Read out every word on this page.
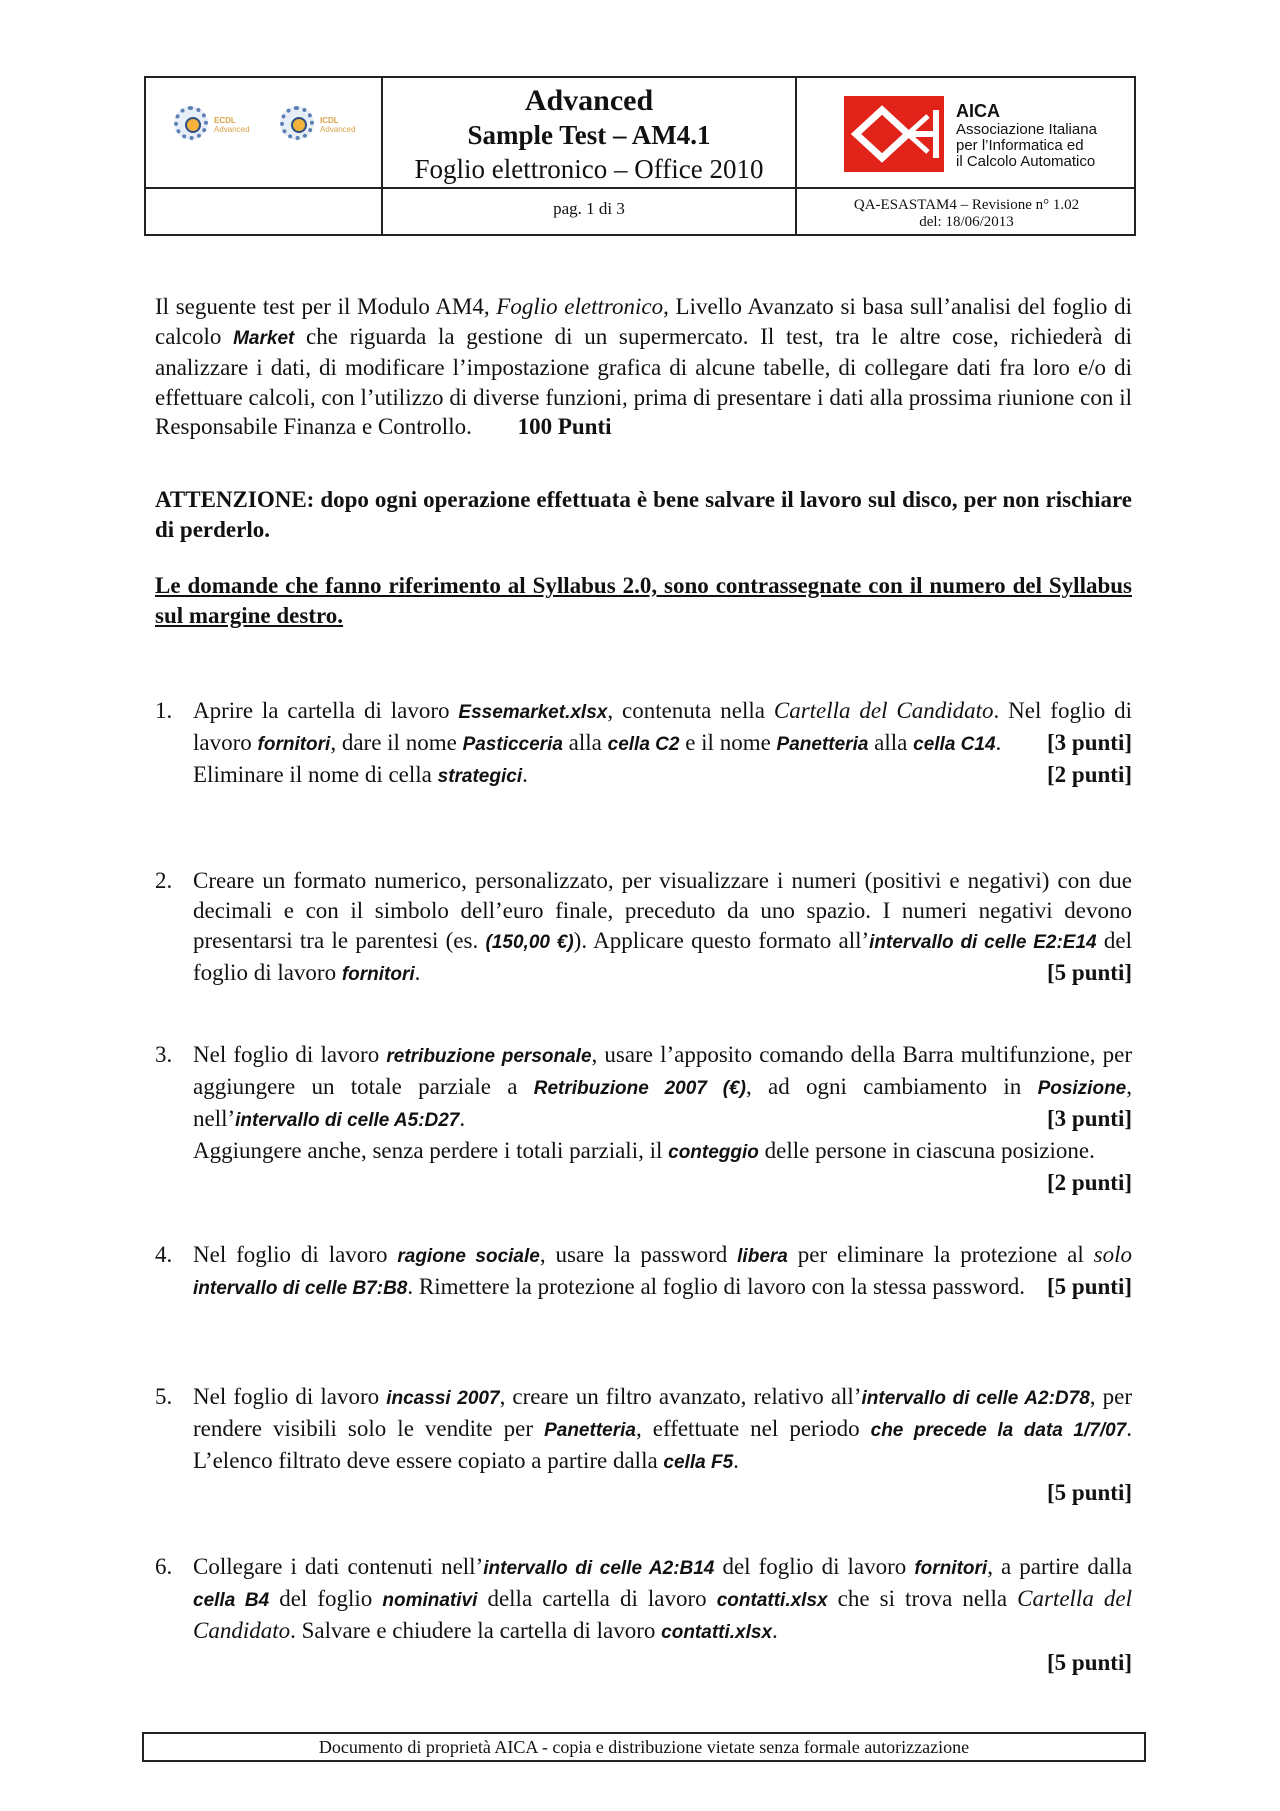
ECDL
Advanced
ICDL
Advanced
Advanced
Sample Test – AM4.1
Foglio elettronico – Office 2010
AICA
Associazione Italiana
per l’Informatica ed
il Calcolo Automatico
pag. 1 di 3	QA-ESASTAM4 – Revisione n° 1.02
del: 18/06/2013
Il seguente test per il Modulo AM4, Foglio elettronico, Livello Avanzato si basa sull’analisi del foglio di calcolo Market che riguarda la gestione di un supermercato. Il test, tra le altre cose, richiederà di analizzare i dati, di modificare l’impostazione grafica di alcune tabelle, di collegare dati fra loro e/o di effettuare calcoli, con l’utilizzo di diverse funzioni, prima di presentare i dati alla prossima riunione con il Responsabile Finanza e Controllo. 100 Punti
ATTENZIONE: dopo ogni operazione effettuata è bene salvare il lavoro sul disco, per non rischiare di perderlo.
Le domande che fanno riferimento al Syllabus 2.0, sono contrassegnate con il numero del Syllabus sul margine destro.
1. Aprire la cartella di lavoro Essemarket.xlsx, contenuta nella Cartella del Candidato. Nel foglio di lavoro fornitori, dare il nome Pasticceria alla cella C2 e il nome Panetteria alla cella C14. [3 punti]
Eliminare il nome di cella strategici.	[2 punti]
2. Creare un formato numerico, personalizzato, per visualizzare i numeri (positivi e negativi) con due decimali e con il simbolo dell’euro finale, preceduto da uno spazio. I numeri negativi devono presentarsi tra le parentesi (es. (150,00 €)). Applicare questo formato all’intervallo di celle E2:E14 del foglio di lavoro fornitori.	[5 punti]
3. Nel foglio di lavoro retribuzione personale, usare l’apposito comando della Barra multifunzione, per aggiungere un totale parziale a Retribuzione 2007 (€), ad ogni cambiamento in Posizione, nell’intervallo di celle A5:D27.	[3 punti]
Aggiungere anche, senza perdere i totali parziali, il conteggio delle persone in ciascuna posizione.
[2 punti]
4. Nel foglio di lavoro ragione sociale, usare la password libera per eliminare la protezione al solo intervallo di celle B7:B8. Rimettere la protezione al foglio di lavoro con la stessa password. [5 punti]
5. Nel foglio di lavoro incassi 2007, creare un filtro avanzato, relativo all’intervallo di celle A2:D78, per rendere visibili solo le vendite per Panetteria, effettuate nel periodo che precede la data 1/7/07. L’elenco filtrato deve essere copiato a partire dalla cella F5.
[5 punti]
6. Collegare i dati contenuti nell’intervallo di celle A2:B14 del foglio di lavoro fornitori, a partire dalla cella B4 del foglio nominativi della cartella di lavoro contatti.xlsx che si trova nella Cartella del Candidato. Salvare e chiudere la cartella di lavoro contatti.xlsx.
[5 punti]
Documento di proprietà AICA - copia e distribuzione vietate senza formale autorizzazione
